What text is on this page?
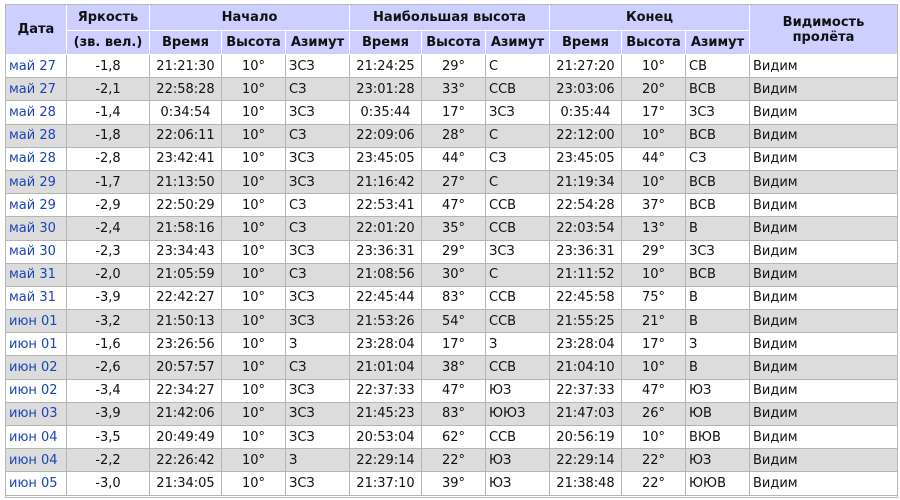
Дата	Яркость	Начало			Наибольшая высота			Конец			Видимость пролёта
	(зв. вел.)	Время	Высота	Азимут	Время	Высота	Азимут	Время	Высота	Азимут	
май 27	-1,8	21:21:30	10°	ЗСЗ	21:24:25	29°	С	21:27:20	10°	СВ	Видим
май 27	-2,1	22:58:28	10°	СЗ	23:01:28	33°	ССВ	23:03:06	20°	ВСВ	Видим
май 28	-1,4	0:34:54	10°	ЗСЗ	0:35:44	17°	ЗСЗ	0:35:44	17°	ЗСЗ	Видим
май 28	-1,8	22:06:11	10°	СЗ	22:09:06	28°	С	22:12:00	10°	ВСВ	Видим
май 28	-2,8	23:42:41	10°	ЗСЗ	23:45:05	44°	СЗ	23:45:05	44°	СЗ	Видим
май 29	-1,7	21:13:50	10°	ЗСЗ	21:16:42	27°	С	21:19:34	10°	ВСВ	Видим
май 29	-2,9	22:50:29	10°	СЗ	22:53:41	47°	ССВ	22:54:28	37°	ВСВ	Видим
май 30	-2,4	21:58:16	10°	СЗ	22:01:20	35°	ССВ	22:03:54	13°	В	Видим
май 30	-2,3	23:34:43	10°	ЗСЗ	23:36:31	29°	ЗСЗ	23:36:31	29°	ЗСЗ	Видим
май 31	-2,0	21:05:59	10°	СЗ	21:08:56	30°	С	21:11:52	10°	ВСВ	Видим
май 31	-3,9	22:42:27	10°	ЗСЗ	22:45:44	83°	ССВ	22:45:58	75°	В	Видим
июн 01	-3,2	21:50:13	10°	ЗСЗ	21:53:26	54°	ССВ	21:55:25	21°	В	Видим
июн 01	-1,6	23:26:56	10°	З	23:28:04	17°	З	23:28:04	17°	З	Видим
июн 02	-2,6	20:57:57	10°	СЗ	21:01:04	38°	ССВ	21:04:10	10°	В	Видим
июн 02	-3,4	22:34:27	10°	ЗСЗ	22:37:33	47°	ЮЗ	22:37:33	47°	ЮЗ	Видим
июн 03	-3,9	21:42:06	10°	ЗСЗ	21:45:23	83°	ЮЮЗ	21:47:03	26°	ЮВ	Видим
июн 04	-3,5	20:49:49	10°	ЗСЗ	20:53:04	62°	ССВ	20:56:19	10°	ВЮВ	Видим
июн 04	-2,2	22:26:42	10°	З	22:29:14	22°	ЮЗ	22:29:14	22°	ЮЗ	Видим
июн 05	-3,0	21:34:05	10°	ЗСЗ	21:37:10	39°	ЮЗ	21:38:48	22°	ЮЮВ	Видим
